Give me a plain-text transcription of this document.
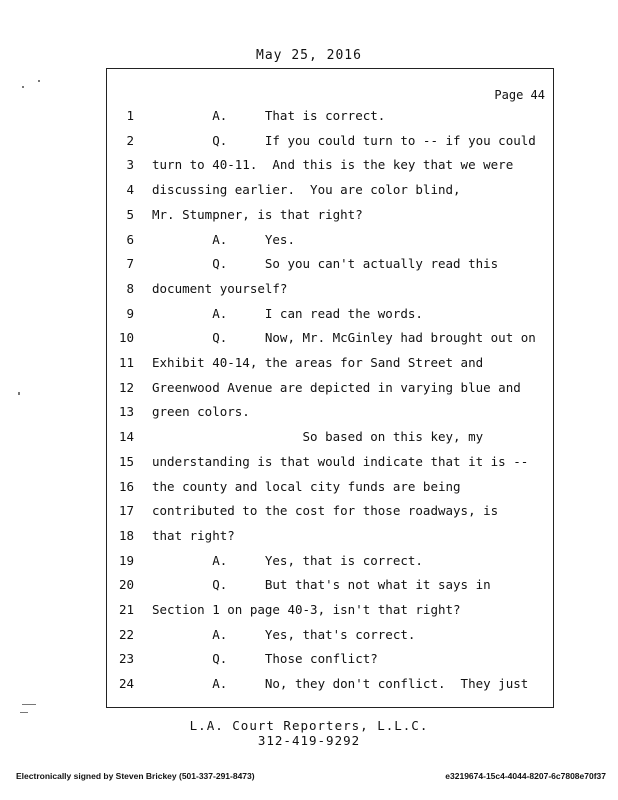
May 25, 2016
Page 44
1 A.     That is correct.
2 Q.     If you could turn to -- if you could
3 turn to 40-11.  And this is the key that we were
4 discussing earlier.  You are color blind,
5 Mr. Stumpner, is that right?
6 A.     Yes.
7 Q.     So you can't actually read this
8 document yourself?
9 A.     I can read the words.
10 Q.     Now, Mr. McGinley had brought out on
11 Exhibit 40-14, the areas for Sand Street and
12 Greenwood Avenue are depicted in varying blue and
13 green colors.
14 So based on this key, my
15 understanding is that would indicate that it is --
16 the county and local city funds are being
17 contributed to the cost for those roadways, is
18 that right?
19 A.     Yes, that is correct.
20 Q.     But that's not what it says in
21 Section 1 on page 40-3, isn't that right?
22 A.     Yes, that's correct.
23 Q.     Those conflict?
24 A.     No, they don't conflict.  They just
L.A. Court Reporters, L.L.C.
312-419-9292
Electronically signed by Steven Brickey (501-337-291-8473)	e3219674-15c4-4044-8207-6c7808e70f37
